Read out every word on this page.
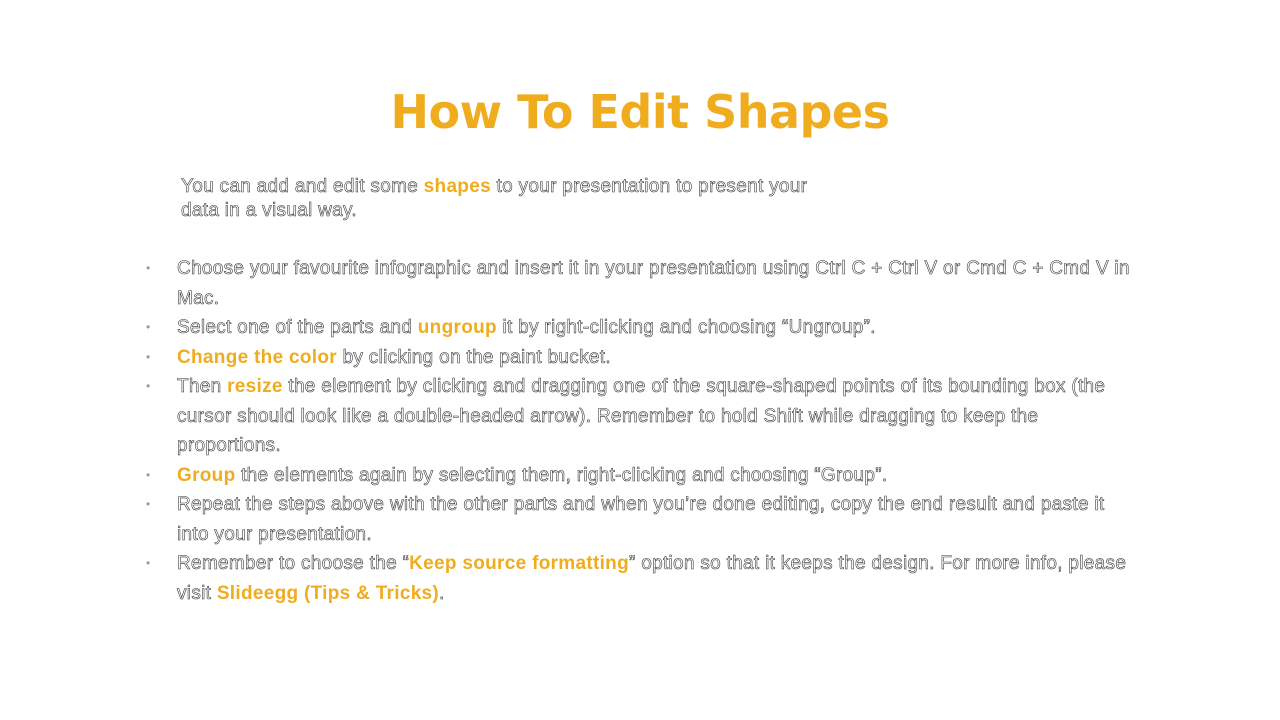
How To Edit Shapes
You can add and edit some shapes to your presentation to present your data in a visual way.
• Choose your favourite infographic and insert it in your presentation using Ctrl C + Ctrl V or Cmd C + Cmd V in Mac.
• Select one of the parts and ungroup it by right-clicking and choosing “Ungroup”.
• Change the color by clicking on the paint bucket.
• Then resize the element by clicking and dragging one of the square-shaped points of its bounding box (the cursor should look like a double-headed arrow). Remember to hold Shift while dragging to keep the proportions.
• Group the elements again by selecting them, right-clicking and choosing “Group”.
• Repeat the steps above with the other parts and when you’re done editing, copy the end result and paste it into your presentation.
• Remember to choose the “Keep source formatting” option so that it keeps the design. For more info, please visit Slideegg (Tips & Tricks).
